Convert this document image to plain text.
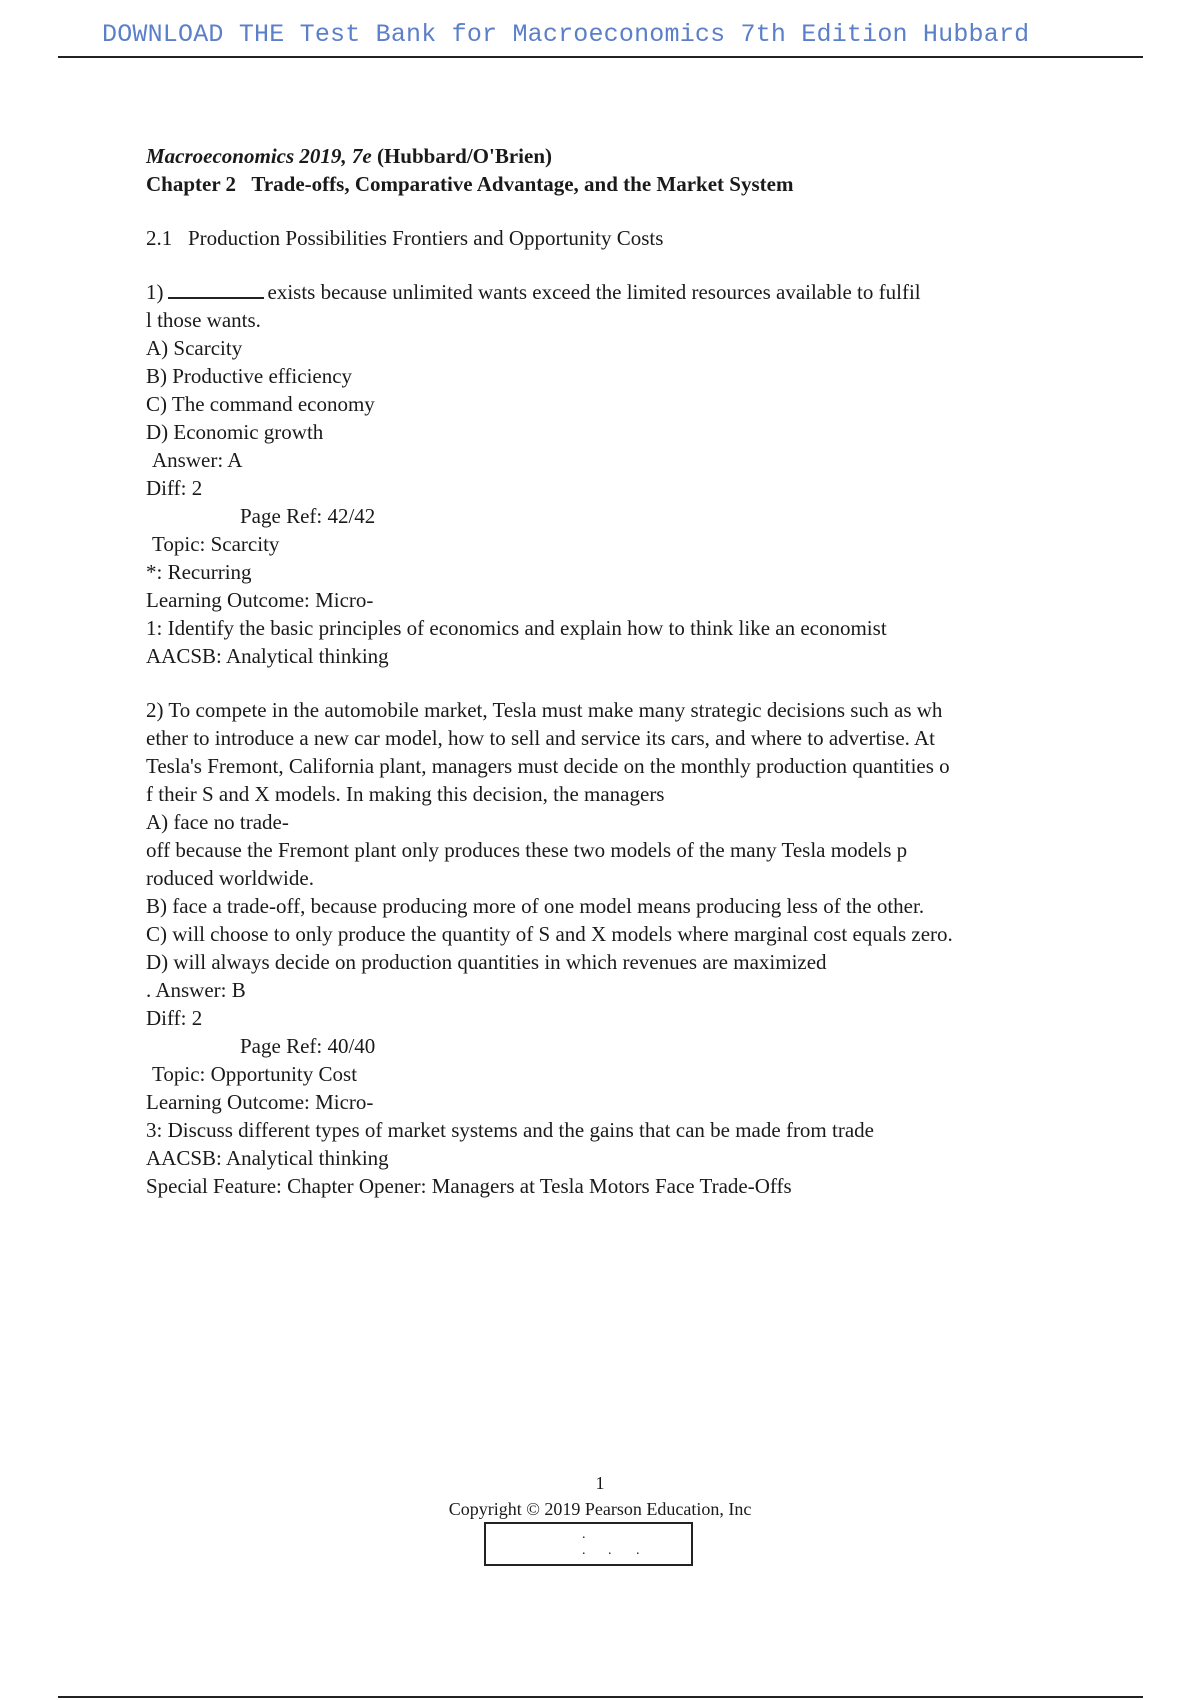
DOWNLOAD THE Test Bank for Macroeconomics 7th Edition Hubbard

Macroeconomics 2019, 7e (Hubbard/O'Brien)

Chapter 2   Trade-offs, Comparative Advantage, and the Market System

2.1   Production Possibilities Frontiers and Opportunity Costs

1)	exists because unlimited wants exceed the limited resources available to fulfil

l those wants.

A) Scarcity

B) Productive efficiency

C) The command economy

D) Economic growth

Answer: A

Diff: 2

Page Ref: 42/42

Topic: Scarcity

*: Recurring

Learning Outcome: Micro-

1: Identify the basic principles of economics and explain how to think like an economist

AACSB: Analytical thinking

2) To compete in the automobile market, Tesla must make many strategic decisions such as wh

ether to introduce a new car model, how to sell and service its cars, and where to advertise. At

Tesla's Fremont, California plant, managers must decide on the monthly production quantities o

f their S and X models. In making this decision, the managers

A) face no trade-

off because the Fremont plant only produces these two models of the many Tesla models p

roduced worldwide.

B) face a trade-off, because producing more of one model means producing less of the other.

C) will choose to only produce the quantity of S and X models where marginal cost equals zero.

D) will always decide on production quantities in which revenues are maximized

. Answer: B

Diff: 2

Page Ref: 40/40

Topic: Opportunity Cost

Learning Outcome: Micro-

3: Discuss different types of market systems and the gains that can be made from trade

AACSB: Analytical thinking

Special Feature: Chapter Opener: Managers at Tesla Motors Face Trade-Offs

1
Copyright © 2019 Pearson Education, Inc
.
. . .
